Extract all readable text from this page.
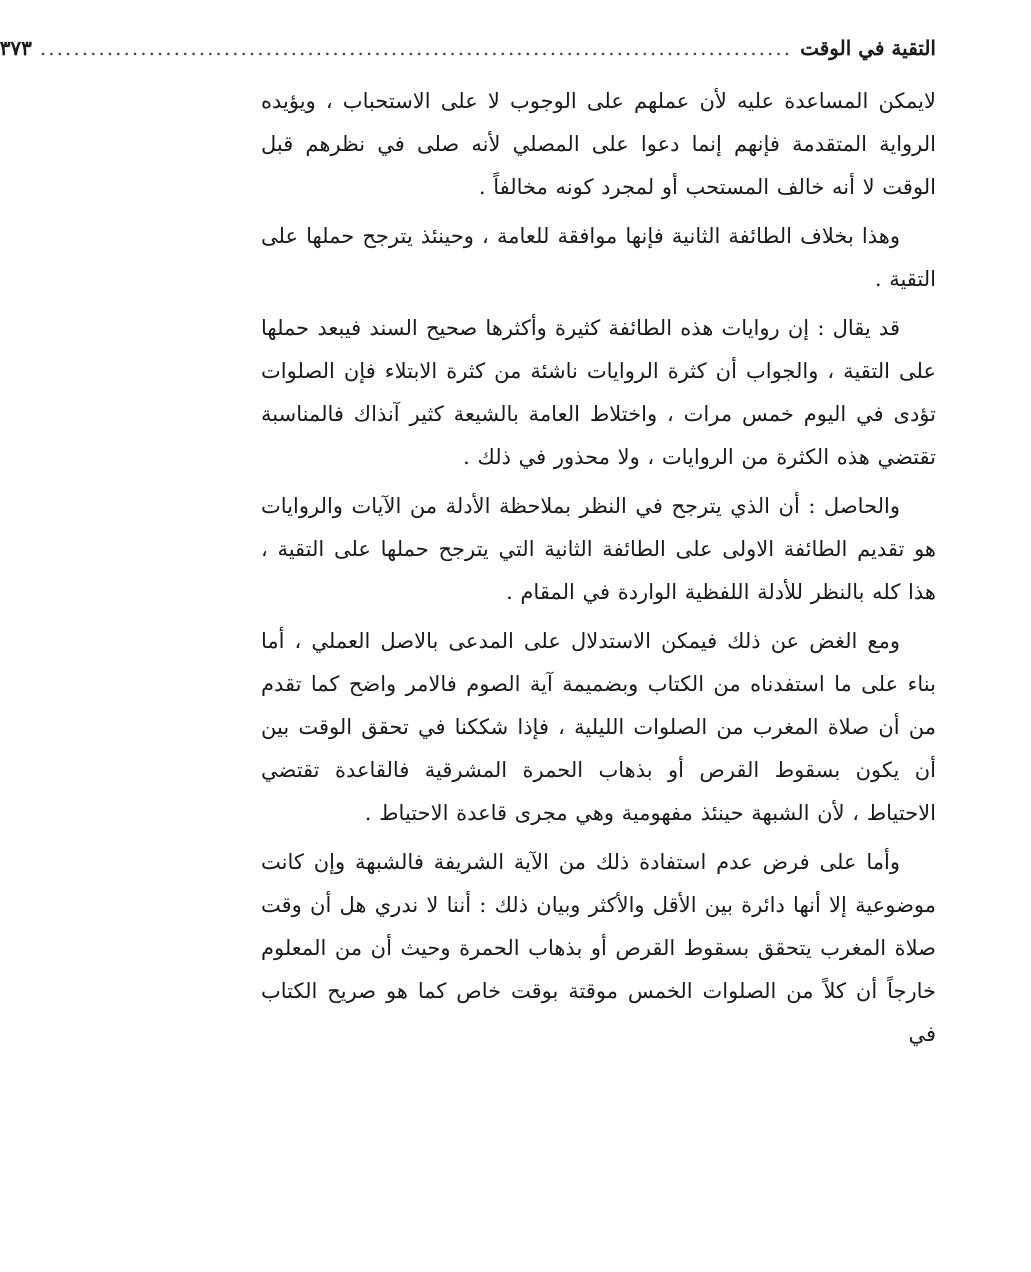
التقية في الوقت
..........................................................................................
٣٧٣

لايمكن المساعدة عليه لأن عملهم على الوجوب لا على الاستحباب ، ويؤيده الرواية المتقدمة فإنهم إنما دعوا على المصلي لأنه صلى في نظرهم قبل الوقت لا أنه خالف المستحب أو لمجرد كونه مخالفاً .

وهذا بخلاف الطائفة الثانية فإنها موافقة للعامة ، وحينئذ يترجح حملها على التقية .

قد يقال : إن روايات هذه الطائفة كثيرة وأكثرها صحيح السند فيبعد حملها على التقية ، والجواب أن كثرة الروايات ناشئة من كثرة الابتلاء فإن الصلوات تؤدى في اليوم خمس مرات ، واختلاط العامة بالشيعة كثير آنذاك فالمناسبة تقتضي هذه الكثرة من الروايات ، ولا محذور في ذلك .

والحاصل : أن الذي يترجح في النظر بملاحظة الأدلة من الآيات والروايات هو تقديم الطائفة الاولى على الطائفة الثانية التي يترجح حملها على التقية ، هذا كله بالنظر للأدلة اللفظية الواردة في المقام .

ومع الغض عن ذلك فيمكن الاستدلال على المدعى بالاصل العملي ، أما بناء على ما استفدناه من الكتاب وبضميمة آية الصوم فالامر واضح كما تقدم من أن صلاة المغرب من الصلوات الليلية ، فإذا شككنا في تحقق الوقت بين أن يكون بسقوط القرص أو بذهاب الحمرة المشرقية فالقاعدة تقتضي الاحتياط ، لأن الشبهة حينئذ مفهومية وهي مجرى قاعدة الاحتياط .

وأما على فرض عدم استفادة ذلك من الآية الشريفة فالشبهة وإن كانت موضوعية إلا أنها دائرة بين الأقل والأكثر وبيان ذلك : أننا لا ندري هل أن وقت صلاة المغرب يتحقق بسقوط القرص أو بذهاب الحمرة وحيث أن من المعلوم خارجاً أن كلاً من الصلوات الخمس موقتة بوقت خاص كما هو صريح الكتاب في
